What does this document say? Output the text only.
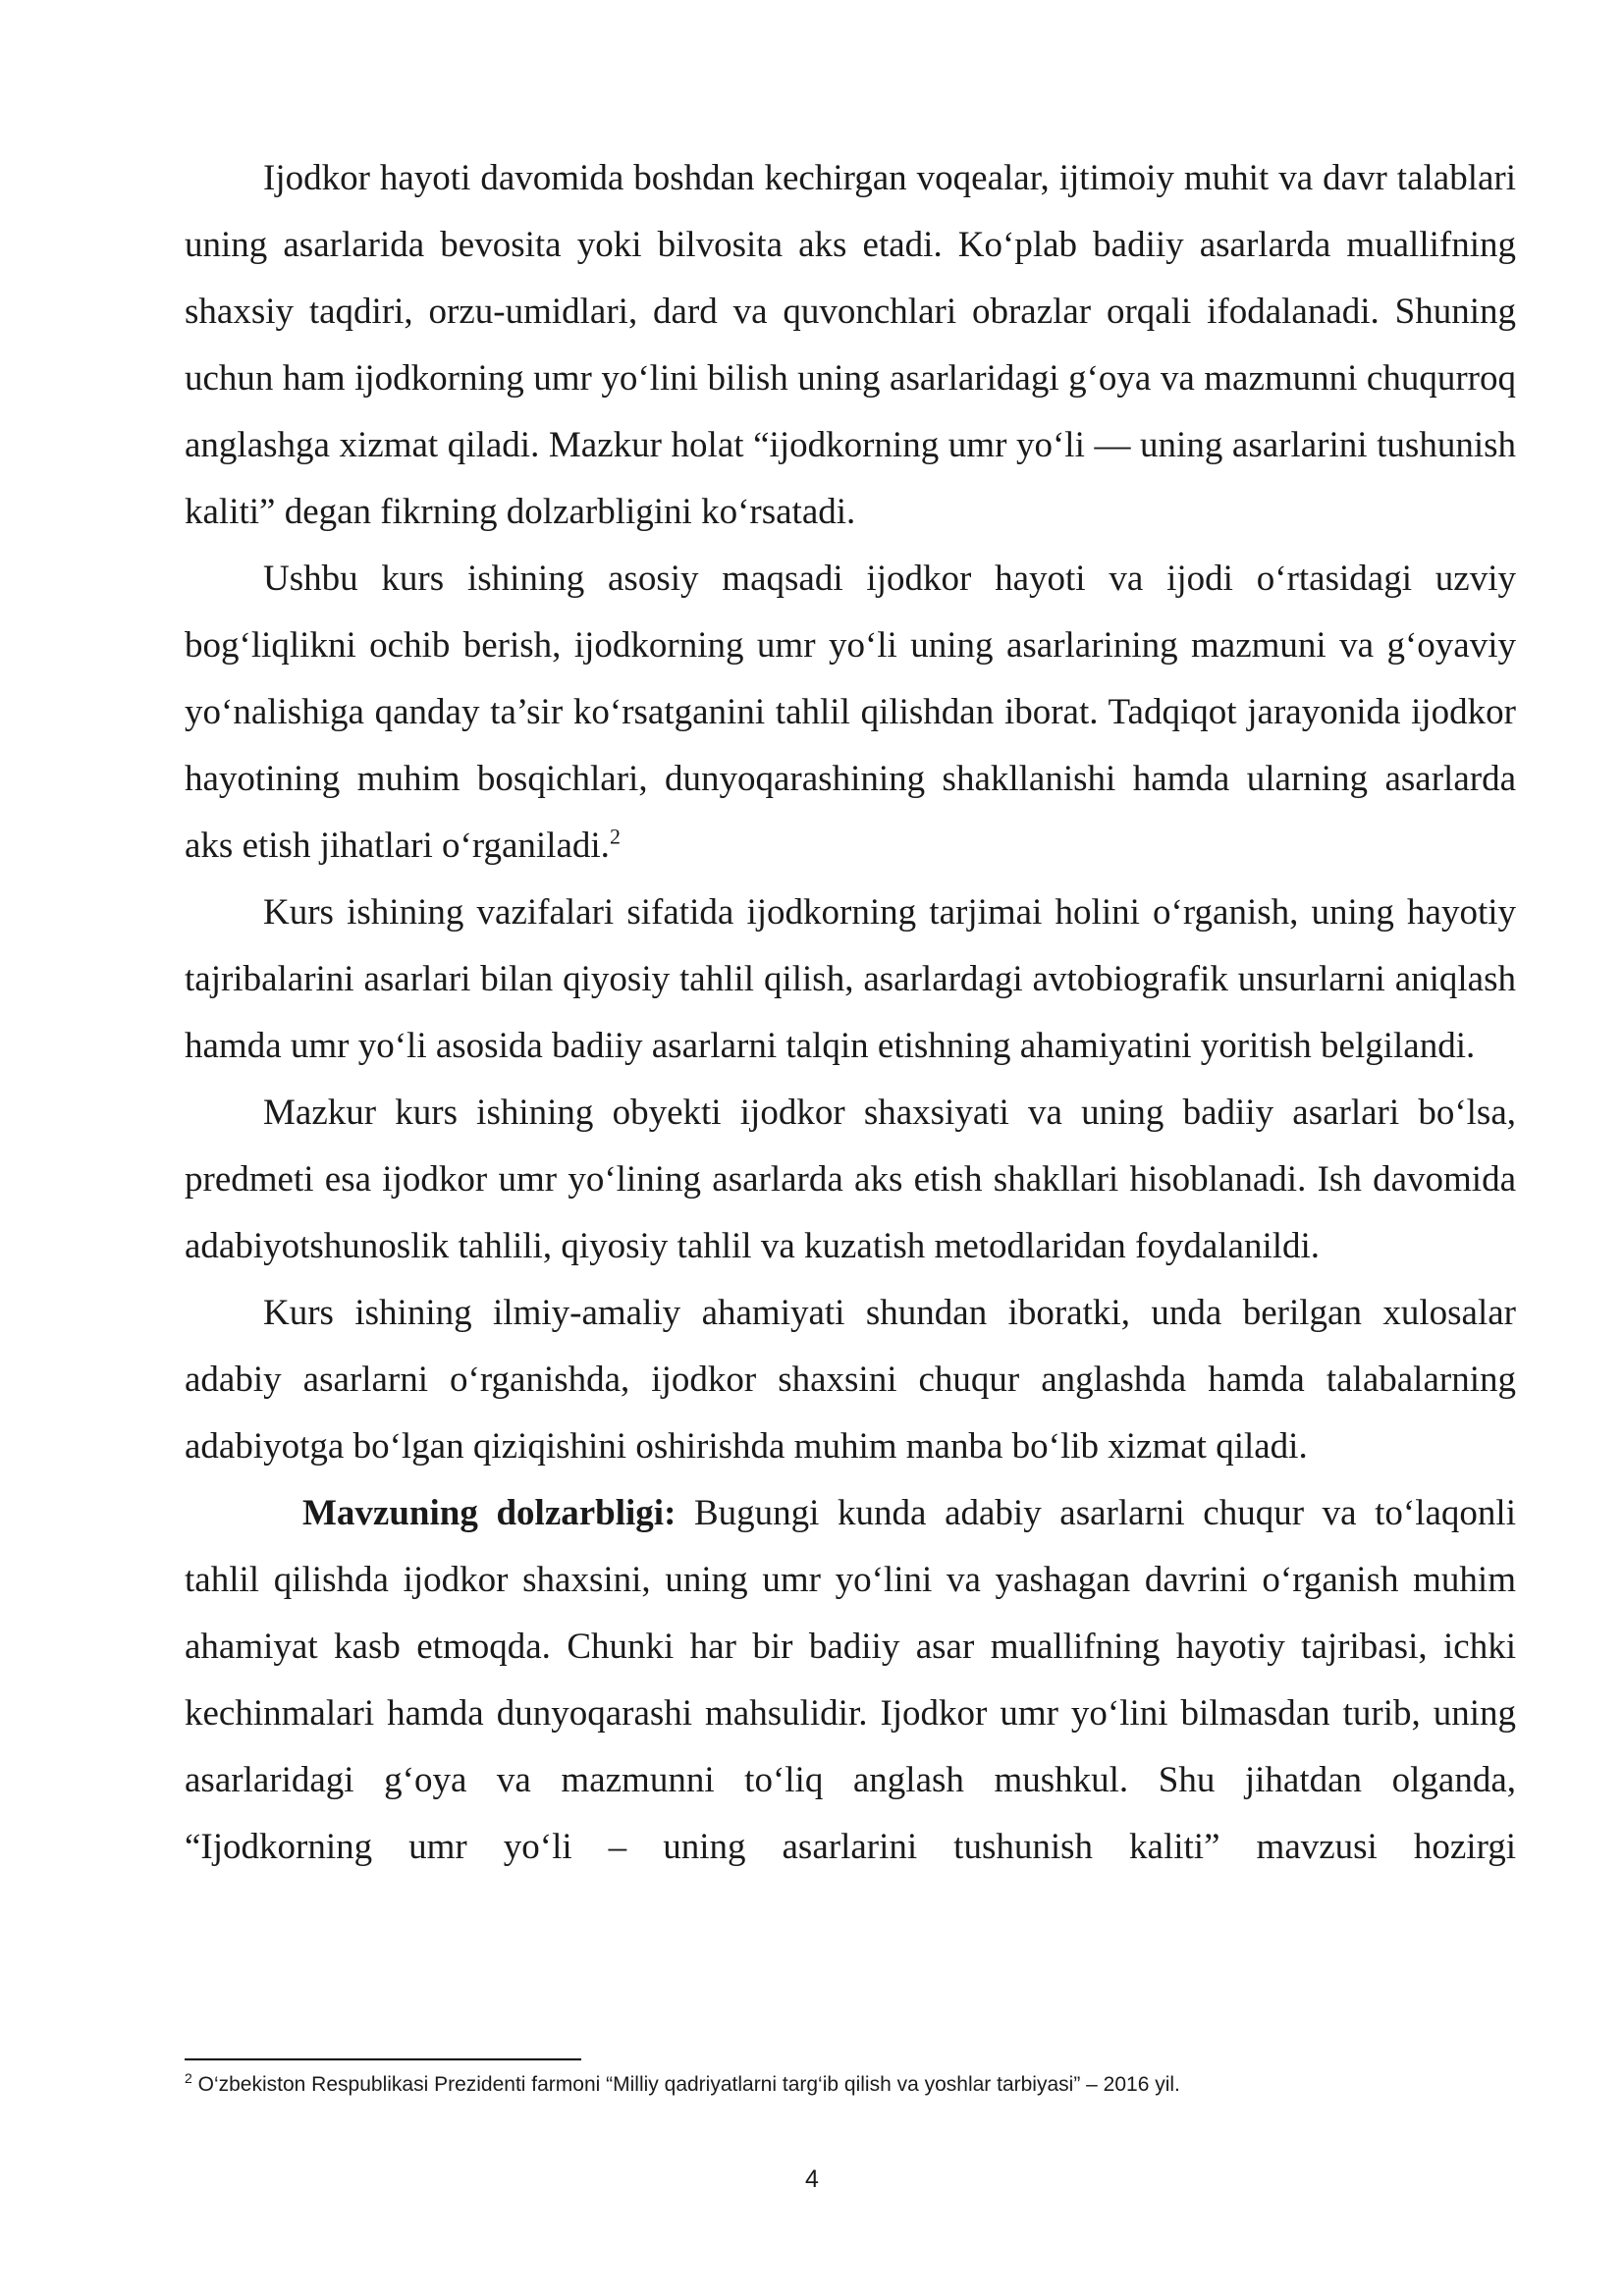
Ijodkor hayoti davomida boshdan kechirgan voqealar, ijtimoiy muhit va davr talablari uning asarlarida bevosita yoki bilvosita aks etadi. Ko‘plab badiiy asarlarda muallifning shaxsiy taqdiri, orzu-umidlari, dard va quvonchlari obrazlar orqali ifodalanadi. Shuning uchun ham ijodkorning umr yo‘lini bilish uning asarlaridagi g‘oya va mazmunni chuqurroq anglashga xizmat qiladi. Mazkur holat “ijodkorning umr yo‘li — uning asarlarini tushunish kaliti” degan fikrning dolzarbligini ko‘rsatadi.

Ushbu kurs ishining asosiy maqsadi ijodkor hayoti va ijodi o‘rtasidagi uzviy bog‘liqlikni ochib berish, ijodkorning umr yo‘li uning asarlarining mazmuni va g‘oyaviy yo‘nalishiga qanday ta’sir ko‘rsatganini tahlil qilishdan iborat. Tadqiqot jarayonida ijodkor hayotining muhim bosqichlari, dunyoqarashining shakllanishi hamda ularning asarlarda aks etish jihatlari o‘rganiladi.$^2$

Kurs ishining vazifalari sifatida ijodkorning tarjimai holini o‘rganish, uning hayotiy tajribalarini asarlari bilan qiyosiy tahlil qilish, asarlardagi avtobiografik unsurlarni aniqlash hamda umr yo‘li asosida badiiy asarlarni talqin etishning ahamiyatini yoritish belgilandi.

Mazkur kurs ishining obyekti ijodkor shaxsiyati va uning badiiy asarlari bo‘lsa, predmeti esa ijodkor umr yo‘lining asarlarda aks etish shakllari hisoblanadi. Ish davomida adabiyotshunoslik tahlili, qiyosiy tahlil va kuzatish metodlaridan foydalanildi.

Kurs ishining ilmiy-amaliy ahamiyati shundan iboratki, unda berilgan xulosalar adabiy asarlarni o‘rganishda, ijodkor shaxsini chuqur anglashda hamda talabalarning adabiyotga bo‘lgan qiziqishini oshirishda muhim manba bo‘lib xizmat qiladi.

Mavzuning dolzarbligi: Bugungi kunda adabiy asarlarni chuqur va to‘laqonli tahlil qilishda ijodkor shaxsini, uning umr yo‘lini va yashagan davrini o‘rganish muhim ahamiyat kasb etmoqda. Chunki har bir badiiy asar muallifning hayotiy tajribasi, ichki kechinmalari hamda dunyoqarashi mahsulidir. Ijodkor umr yo‘lini bilmasdan turib, uning asarlaridagi g‘oya va mazmunni to‘liq anglash mushkul. Shu jihatdan olganda, “Ijodkorning umr yo‘li – uning asarlarini tushunish kaliti” mavzusi hozirgi

$^2$ O‘zbekiston Respublikasi Prezidenti farmoni “Milliy qadriyatlarni targ‘ib qilish va yoshlar tarbiyasi” – 2016 yil.
4
